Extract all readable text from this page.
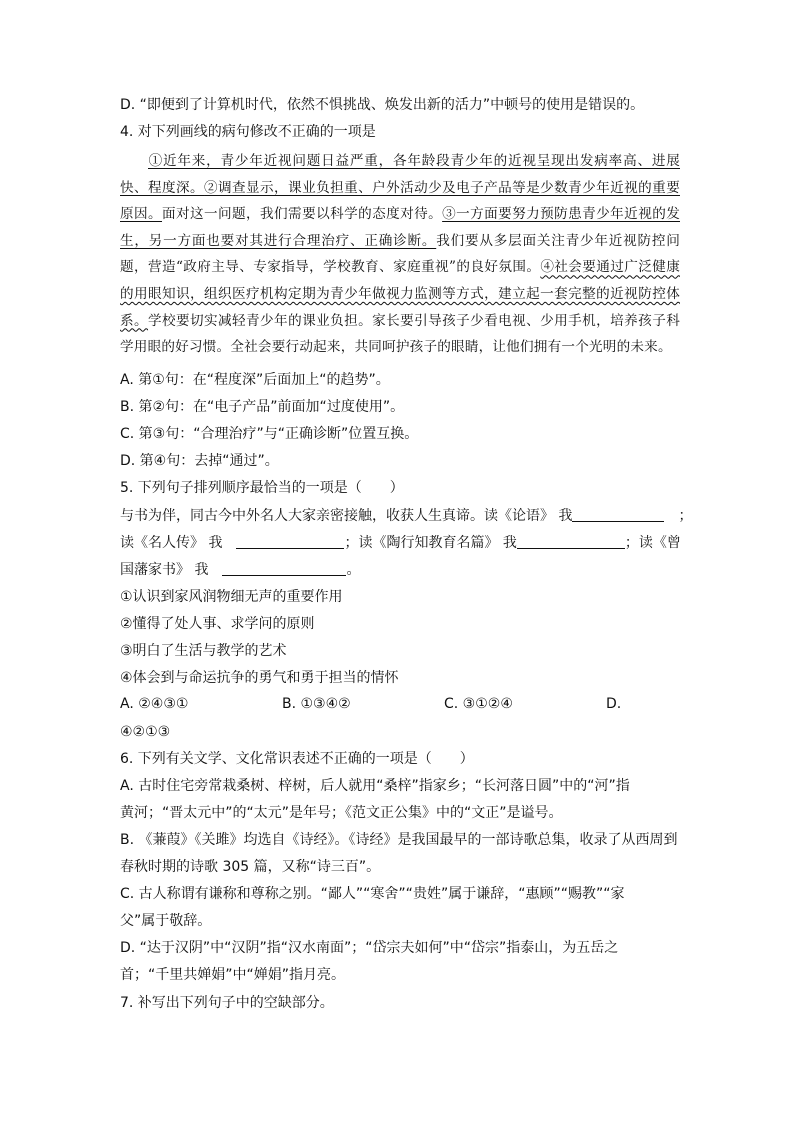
D. “即便到了计算机时代，依然不惧挑战、焕发出新的活力”中顿号的使用是错误的。
4. 对下列画线的病句修改不正确的一项是
①近年来，青少年近视问题日益严重，各年龄段青少年的近视呈现出发病率高、进展快、程度深。②调查显示，课业负担重、户外活动少及电子产品等是少数青少年近视的重要原因。面对这一问题，我们需要以科学的态度对待。③一方面要努力预防患青少年近视的发生，另一方面也要对其进行合理治疗、正确诊断。我们要从多层面关注青少年近视防控问题，营造“政府主导、专家指导，学校教育、家庭重视”的良好氛围。④社会要通过广泛健康的用眼知识，组织医疗机构定期为青少年做视力监测等方式，建立起一套完整的近视防控体系。学校要切实减轻青少年的课业负担。家长要引导孩子少看电视、少用手机，培养孩子科学用眼的好习惯。全社会要行动起来，共同呵护孩子的眼睛，让他们拥有一个光明的未来。
A. 第①句：在“程度深”后面加上“的趋势”。
B. 第②句：在“电子产品”前面加“过度使用”。
C. 第③句：“合理治疗”与“正确诊断”位置互换。
D. 第④句：去掉“通过”。
5. 下列句子排列顺序最恰当的一项是（　　）
与书为伴，同古今中外名人大家亲密接触，收获人生真谛。读《论语》 我	；
读《名人传》 我	；读《陶行知教育名篇》 我	；读《曾
国藩家书》 我	。
①认识到家风润物细无声的重要作用
②懂得了处人事、求学问的原则
③明白了生活与教学的艺术
④体会到与命运抗争的勇气和勇于担当的情怀
A. ②④③①	B. ①③④②	C. ③①②④	D.
④②①③
6. 下列有关文学、文化常识表述不正确的一项是（　　）
A. 古时住宅旁常栽桑树、梓树，后人就用“桑梓”指家乡；“长河落日圆”中的“河”指
黄河；“晋太元中”的“太元”是年号；《范文正公集》中的“文正”是谥号。
B. 《蒹葭》《关雎》均选自《诗经》。《诗经》是我国最早的一部诗歌总集，收录了从西周到
春秋时期的诗歌 305 篇，又称“诗三百”。
C. 古人称谓有谦称和尊称之别。“鄙人”“寒舍”“贵姓”属于谦辞，“惠顾”“赐教”“家
父”属于敬辞。
D. “达于汉阴”中“汉阴”指“汉水南面”；“岱宗夫如何”中“岱宗”指泰山，为五岳之
首；“千里共婵娟”中“婵娟”指月亮。
7. 补写出下列句子中的空缺部分。
